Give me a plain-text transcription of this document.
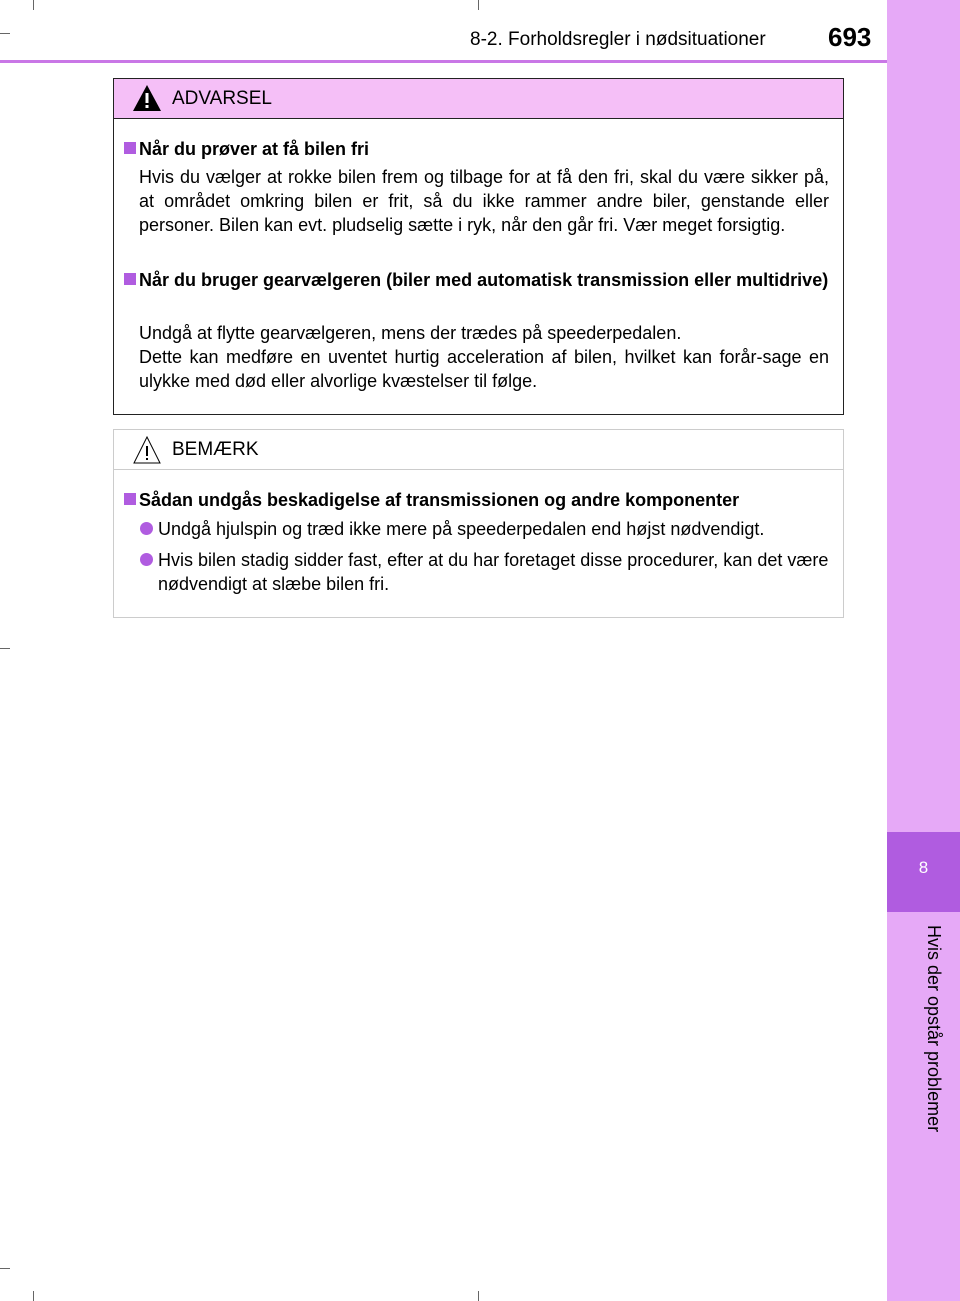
8-2. Forholdsregler i nødsituationer 693
8
Hvis der opstår problemer
ADVARSEL
Når du prøver at få bilen fri
Hvis du vælger at rokke bilen frem og tilbage for at få den fri, skal du være sikker på, at området omkring bilen er frit, så du ikke rammer andre biler, genstande eller personer. Bilen kan evt. pludselig sætte i ryk, når den går fri. Vær meget forsigtig.
Når du bruger gearvælgeren (biler med automatisk transmission eller multidrive)
Undgå at flytte gearvælgeren, mens der trædes på speederpedalen.
Dette kan medføre en uventet hurtig acceleration af bilen, hvilket kan forår-sage en ulykke med død eller alvorlige kvæstelser til følge.
BEMÆRK
Sådan undgås beskadigelse af transmissionen og andre komponenter
Undgå hjulspin og træd ikke mere på speederpedalen end højst nødvendigt.
Hvis bilen stadig sidder fast, efter at du har foretaget disse procedurer, kan det være nødvendigt at slæbe bilen fri.
